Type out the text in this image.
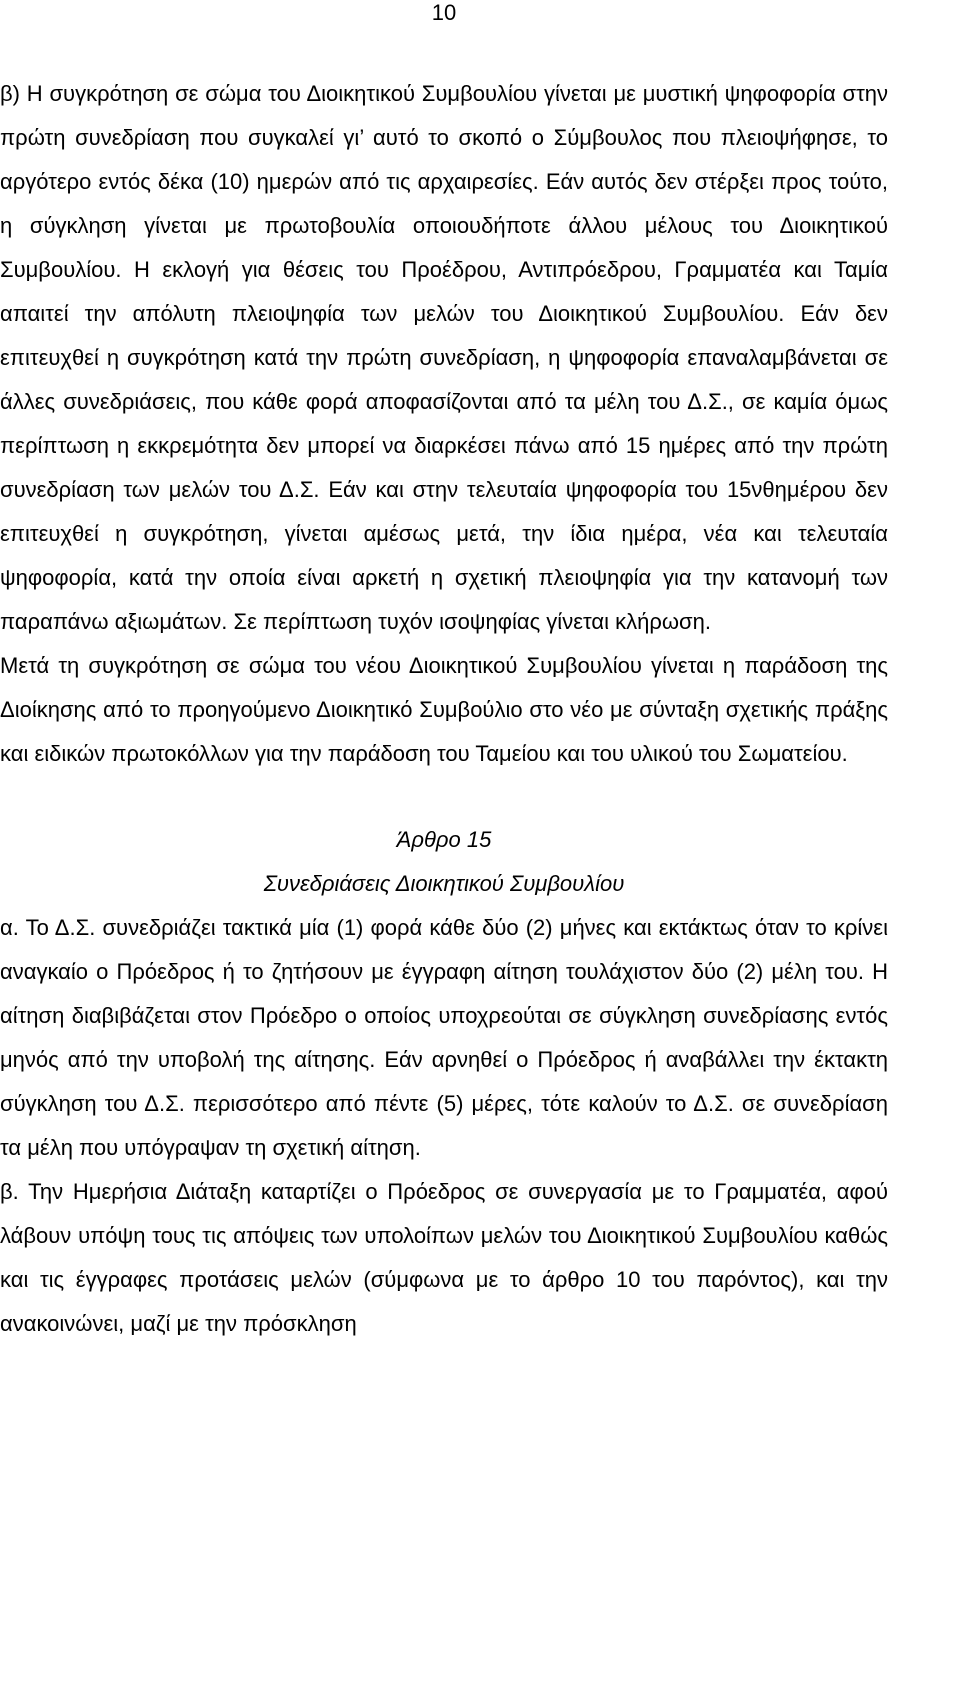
10

β) Η συγκρότηση σε σώμα του Διοικητικού Συμβουλίου γίνεται με μυστική ψηφοφορία στην πρώτη συνεδρίαση που συγκαλεί γι’ αυτό το σκοπό ο Σύμβουλος που πλειοψήφησε, το αργότερο εντός δέκα (10) ημερών από τις αρχαιρεσίες. Εάν αυτός δεν στέρξει προς τούτο, η σύγκληση γίνεται με πρωτοβουλία οποιουδήποτε άλλου μέλους του Διοικητικού Συμβουλίου. Η εκλογή για θέσεις του Προέδρου, Αντιπρόεδρου, Γραμματέα και Ταμία απαιτεί την απόλυτη πλειοψηφία των μελών του Διοικητικού Συμβουλίου. Εάν δεν επιτευχθεί η συγκρότηση κατά την πρώτη συνεδρίαση, η ψηφοφορία επαναλαμβάνεται σε άλλες συνεδριάσεις, που κάθε φορά αποφασίζονται από τα μέλη του Δ.Σ., σε καμία όμως περίπτωση η εκκρεμότητα δεν μπορεί να διαρκέσει πάνω από 15 ημέρες από την πρώτη συνεδρίαση των μελών του Δ.Σ. Εάν και στην τελευταία ψηφοφορία του 15νθημέρου δεν επιτευχθεί η συγκρότηση, γίνεται αμέσως μετά, την ίδια ημέρα, νέα και τελευταία ψηφοφορία, κατά την οποία είναι αρκετή η σχετική πλειοψηφία για την κατανομή των παραπάνω αξιωμάτων. Σε περίπτωση τυχόν ισοψηφίας γίνεται κλήρωση.

Μετά τη συγκρότηση σε σώμα του νέου Διοικητικού Συμβουλίου γίνεται η παράδοση της Διοίκησης από το προηγούμενο Διοικητικό Συμβούλιο στο νέο με σύνταξη σχετικής πράξης και ειδικών πρωτοκόλλων για την παράδοση του Ταμείου και του υλικού του Σωματείου.

Άρθρο 15

Συνεδριάσεις Διοικητικού Συμβουλίου

α. Το Δ.Σ. συνεδριάζει τακτικά μία (1) φορά κάθε δύο (2) μήνες και εκτάκτως όταν το κρίνει αναγκαίο ο Πρόεδρος ή το ζητήσουν με έγγραφη αίτηση τουλάχιστον δύο (2) μέλη του. Η αίτηση διαβιβάζεται στον Πρόεδρο ο οποίος υποχρεούται σε σύγκληση συνεδρίασης εντός μηνός από την υποβολή της αίτησης. Εάν αρνηθεί ο Πρόεδρος ή αναβάλλει την έκτακτη σύγκληση του Δ.Σ. περισσότερο από πέντε (5) μέρες, τότε καλούν το Δ.Σ. σε συνεδρίαση τα μέλη που υπόγραψαν τη σχετική αίτηση.

β. Την Ημερήσια Διάταξη καταρτίζει ο Πρόεδρος σε συνεργασία με το Γραμματέα, αφού λάβουν υπόψη τους τις απόψεις των υπολοίπων μελών του Διοικητικού Συμβουλίου καθώς και τις έγγραφες προτάσεις μελών (σύμφωνα με το άρθρο 10 του παρόντος), και την ανακοινώνει, μαζί με την πρόσκληση
